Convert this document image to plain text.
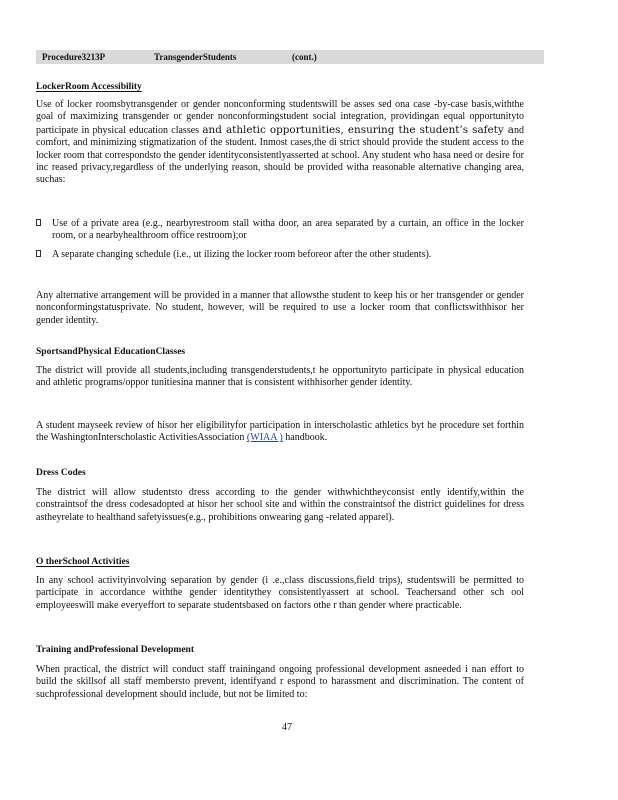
Procedure3213P	TransgenderStudents	(cont.)
LockerRoom Accessibility
Use of locker roomsbytransgender or gender nonconforming studentswill be asses sed ona case -by-case basis,withthe goal of maximizing transgender or gender nonconformingstudent social integration, providingan equal opportunityto participate in physical education classes and athletic opportunities, ensuring the student’s safety and comfort, and minimizing stigmatization of the student. Inmost cases,the di strict should provide the student access to the locker room that correspondsto the gender identityconsistentlyasserted at school. Any student who hasa need or desire for inc reased privacy,regardless of the underlying reason, should be provided witha reasonable alternative changing area, suchas:
Use of a private area (e.g., nearbyrestroom stall witha door, an area separated by a curtain, an office in the locker room, or a nearbyhealthroom office restroom);or
A separate changing schedule (i.e., ut ilizing the locker room beforeor after the other students).
Any alternative arrangement will be provided in a manner that allowsthe student to keep his or her transgender or gender nonconformingstatusprivate. No student, however, will be required to use a locker room that conflictswithhisor her gender identity.
SportsandPhysical EducationClasses
The district will provide all students,including transgenderstudents,t he opportunityto participate in physical education and athletic programs/oppor tunitiesina manner that is consistent withhisorher gender identity.
A student mayseek review of hisor her eligibilityfor participation in interscholastic athletics byt he procedure set forthin the WashingtonInterscholastic ActivitiesAssociation (WIAA ) handbook.
Dress Codes
The district will allow studentsto dress according to the gender withwhichtheyconsist ently identify,within the constraintsof the dress codesadopted at hisor her school site and within the constraintsof the district guidelines for dress astheyrelate to healthand safetyissues(e.g., prohibitions onwearing gang -related apparel).
O therSchool Activities
In any school activityinvolving separation by gender (i .e.,class discussions,field trips), studentswill be permitted to participate in accordance withthe gender identitythey consistentlyassert at school. Teachersand other sch ool employeeswill make everyeffort to separate studentsbased on factors othe r than gender where practicable.
Training andProfessional Development
When practical, the district will conduct staff trainingand ongoing professional development asneeded i nan effort to build the skillsof all staff membersto prevent, identifyand r espond to harassment and discrimination. The content of suchprofessional development should include, but not be limited to:
47
